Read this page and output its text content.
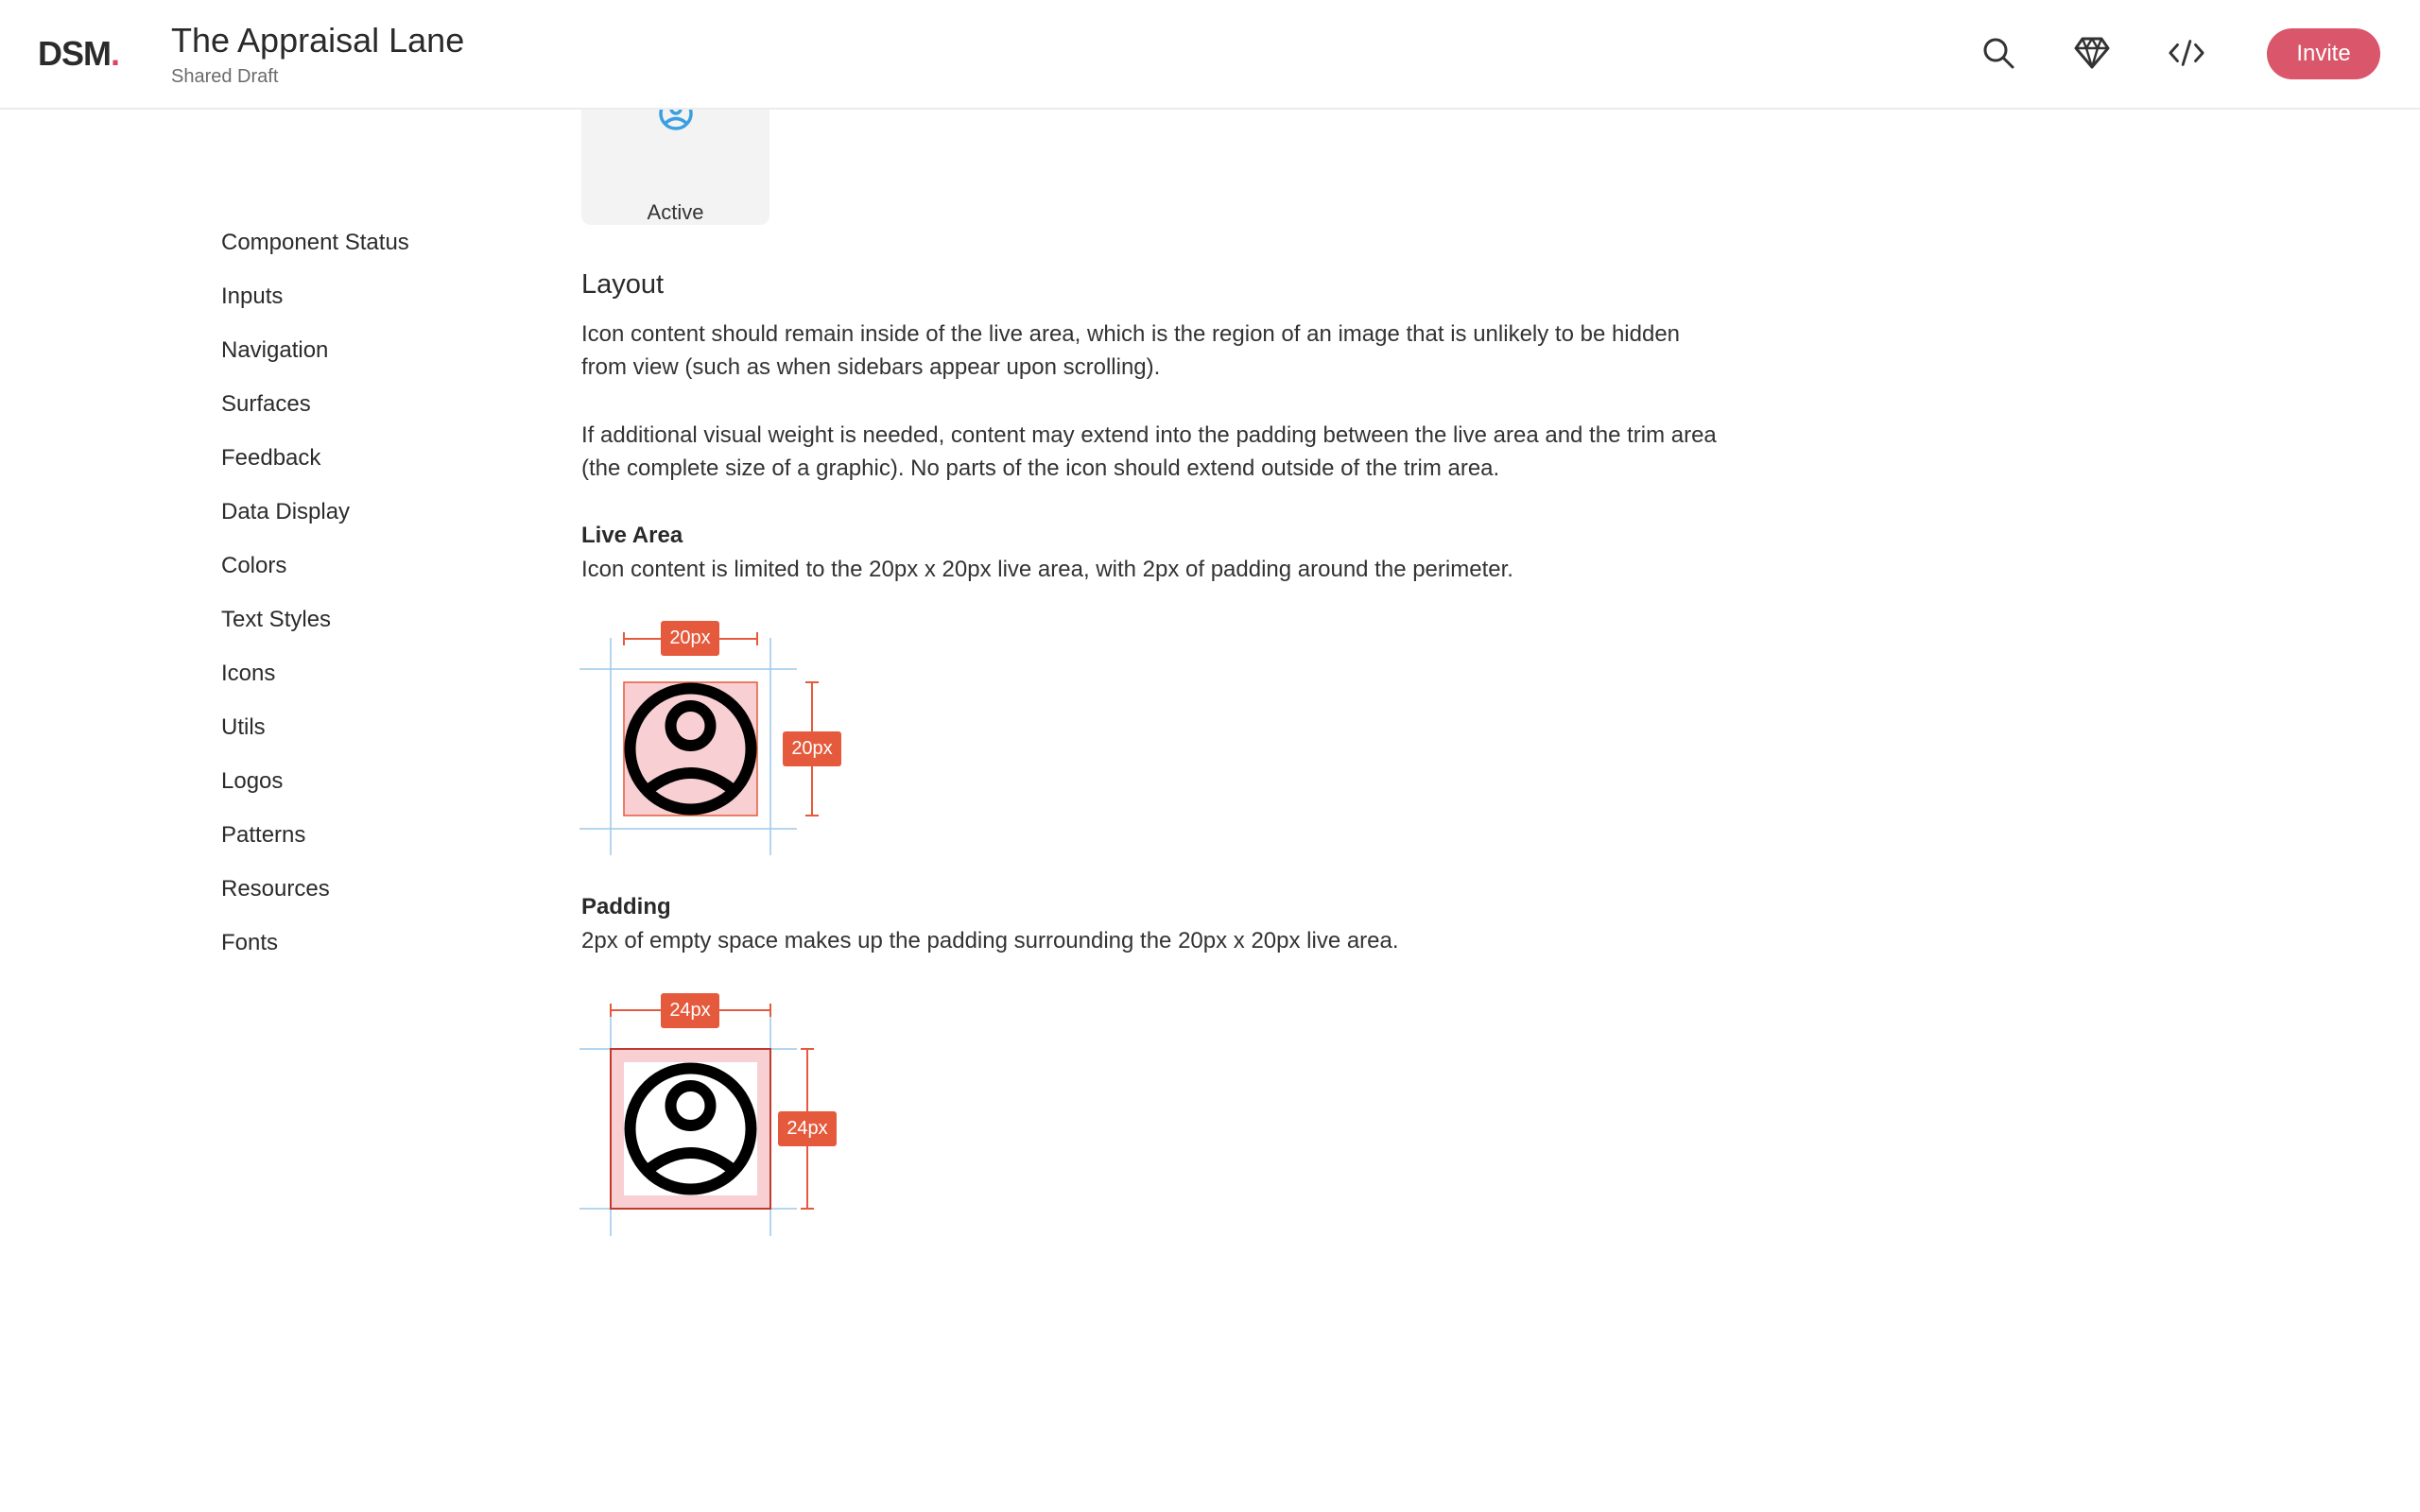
DSM. The Appraisal Lane
Shared Draft
Invite
Component Status
Inputs
Navigation
Surfaces
Feedback
Data Display
Colors
Text Styles
Icons
Utils
Logos
Patterns
Resources
Fonts
Active
Layout
Icon content should remain inside of the live area, which is the region of an image that is unlikely to be hidden
from view (such as when sidebars appear upon scrolling).
If additional visual weight is needed, content may extend into the padding between the live area and the trim area
(the complete size of a graphic). No parts of the icon should extend outside of the trim area.
Live Area
Icon content is limited to the 20px x 20px live area, with 2px of padding around the perimeter.
20px
20px
Padding
2px of empty space makes up the padding surrounding the 20px x 20px live area.
24px
24px
